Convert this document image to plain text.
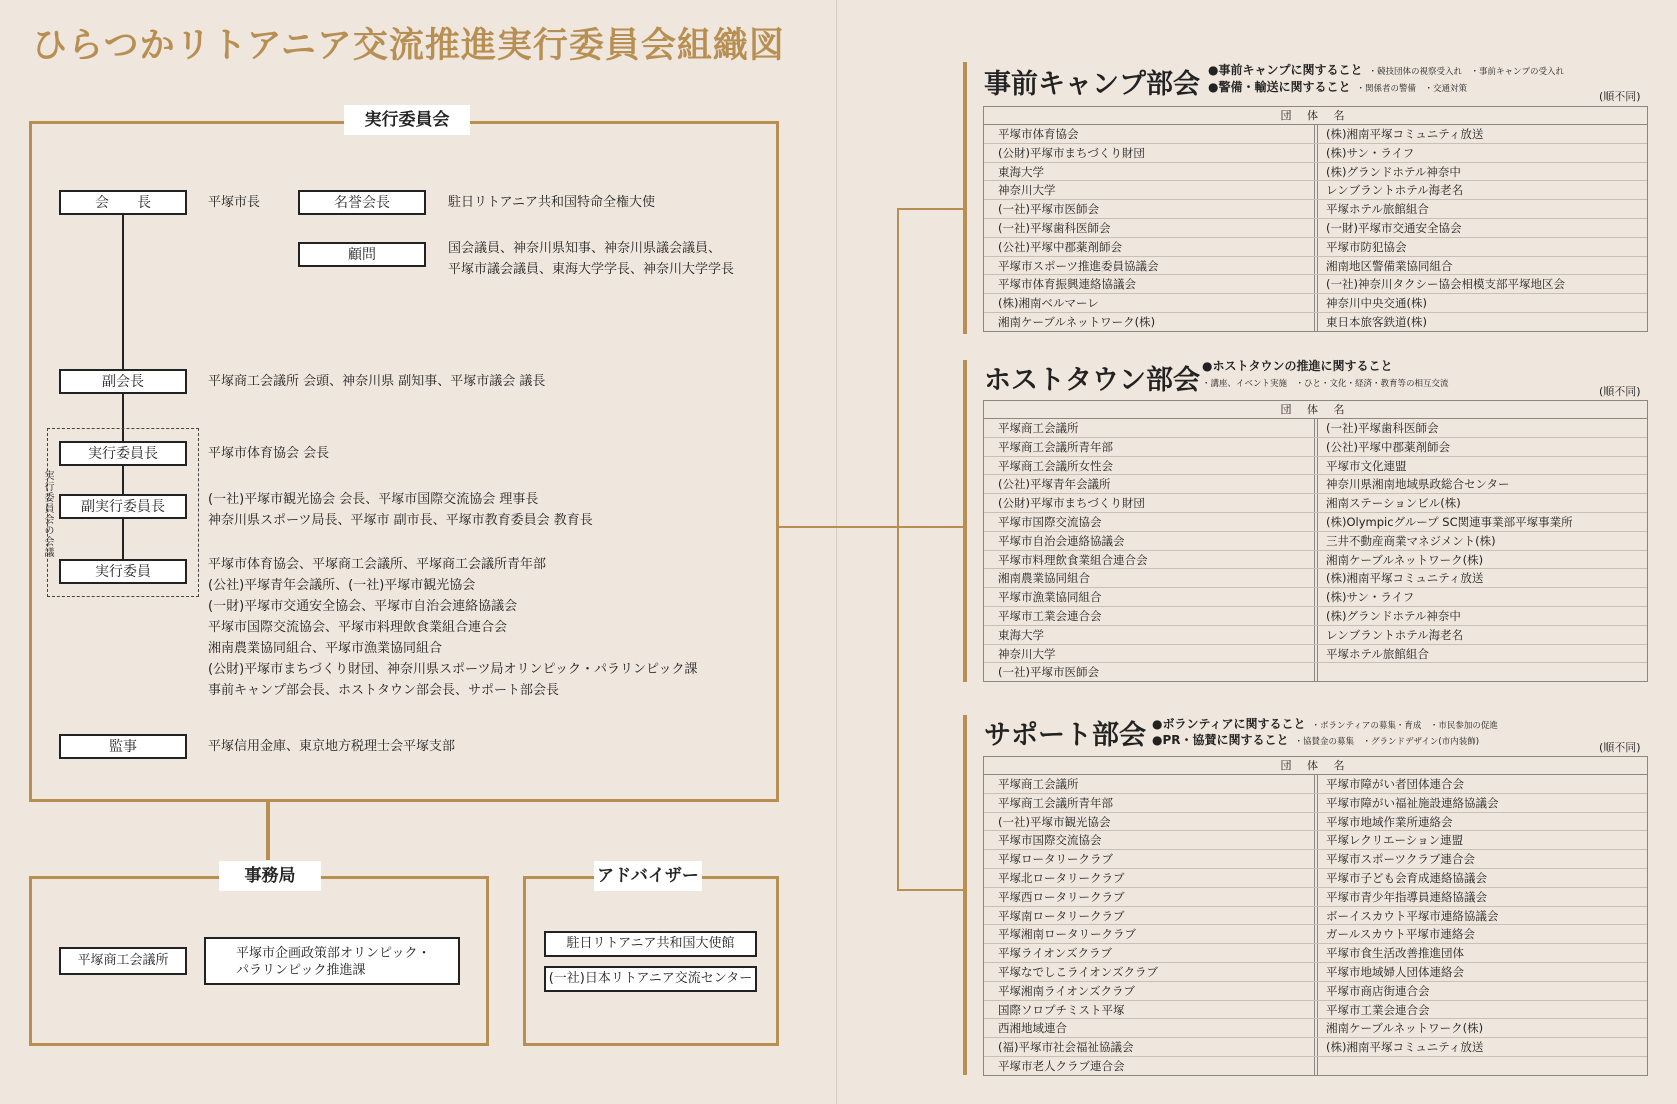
ひらつかリトアニア交流推進実行委員会組織図
実行委員会
会　　長	平塚市長	名誉会長	駐日リトアニア共和国特命全権大使
顧問	国会議員、神奈川県知事、神奈川県議会議員、
平塚市議会議員、東海大学学長、神奈川大学学長
副会長	平塚商工会議所 会頭、神奈川県 副知事、平塚市議会 議長
実行委員会の会議
実行委員長	平塚市体育協会 会長
副実行委員長	(一社)平塚市観光協会 会長、平塚市国際交流協会 理事長
神奈川県スポーツ局長、平塚市 副市長、平塚市教育委員会 教育長
実行委員	平塚市体育協会、平塚商工会議所、平塚商工会議所青年部
(公社)平塚青年会議所、(一社)平塚市観光協会
(一財)平塚市交通安全協会、平塚市自治会連絡協議会
平塚市国際交流協会、平塚市料理飲食業組合連合会
湘南農業協同組合、平塚市漁業協同組合
(公財)平塚市まちづくり財団、神奈川県スポーツ局オリンピック・パラリンピック課
事前キャンプ部会長、ホストタウン部会長、サポート部会長
監事	平塚信用金庫、東京地方税理士会平塚支部
事務局
平塚商工会議所	平塚市企画政策部オリンピック・
パラリンピック推進課
アドバイザー
駐日リトアニア共和国大使館
(一社)日本リトアニア交流センター
事前キャンプ部会 ●事前キャンプに関すること ・競技団体の視察受入れ　・事前キャンプの受入れ
●警備・輸送に関すること ・関係者の警備　・交通対策
(順不同)
団 体 名
平塚市体育協会	(株)湘南平塚コミュニティ放送
(公財)平塚市まちづくり財団	(株)サン・ライフ
東海大学	(株)グランドホテル神奈中
神奈川大学	レンブラントホテル海老名
(一社)平塚市医師会	平塚ホテル旅館組合
(一社)平塚歯科医師会	(一財)平塚市交通安全協会
(公社)平塚中郡薬剤師会	平塚市防犯協会
平塚市スポーツ推進委員協議会	湘南地区警備業協同組合
平塚市体育振興連絡協議会	(一社)神奈川タクシー協会相模支部平塚地区会
(株)湘南ベルマーレ	神奈川中央交通(株)
湘南ケーブルネットワーク(株)	東日本旅客鉄道(株)
ホストタウン部会 ●ホストタウンの推進に関すること
・講座、イベント実施　・ひと・文化・経済・教育等の相互交流
(順不同)
団 体 名
平塚商工会議所	(一社)平塚歯科医師会
平塚商工会議所青年部	(公社)平塚中郡薬剤師会
平塚商工会議所女性会	平塚市文化連盟
(公社)平塚青年会議所	神奈川県湘南地域県政総合センター
(公財)平塚市まちづくり財団	湘南ステーションビル(株)
平塚市国際交流協会	(株)Olympicグループ SC関連事業部平塚事業所
平塚市自治会連絡協議会	三井不動産商業マネジメント(株)
平塚市料理飲食業組合連合会	湘南ケーブルネットワーク(株)
湘南農業協同組合	(株)湘南平塚コミュニティ放送
平塚市漁業協同組合	(株)サン・ライフ
平塚市工業会連合会	(株)グランドホテル神奈中
東海大学	レンブラントホテル海老名
神奈川大学	平塚ホテル旅館組合
(一社)平塚市医師会
サポート部会 ●ボランティアに関すること ・ボランティアの募集・育成　・市民参加の促進
●PR・協賛に関すること ・協賛金の募集　・グランドデザイン(市内装飾)	(順不同)
団 体 名
平塚商工会議所	平塚市障がい者団体連合会
平塚商工会議所青年部	平塚市障がい福祉施設連絡協議会
(一社)平塚市観光協会	平塚市地域作業所連絡会
平塚市国際交流協会	平塚レクリエーション連盟
平塚ロータリークラブ	平塚市スポーツクラブ連合会
平塚北ロータリークラブ	平塚市子ども会育成連絡協議会
平塚西ロータリークラブ	平塚市青少年指導員連絡協議会
平塚南ロータリークラブ	ボーイスカウト平塚市連絡協議会
平塚湘南ロータリークラブ	ガールスカウト平塚市連絡会
平塚ライオンズクラブ	平塚市食生活改善推進団体
平塚なでしこライオンズクラブ	平塚市地域婦人団体連絡会
平塚湘南ライオンズクラブ	平塚市商店街連合会
国際ソロプチミスト平塚	平塚市工業会連合会
西湘地域連合	湘南ケーブルネットワーク(株)
(福)平塚市社会福祉協議会	(株)湘南平塚コミュニティ放送
平塚市老人クラブ連合会
